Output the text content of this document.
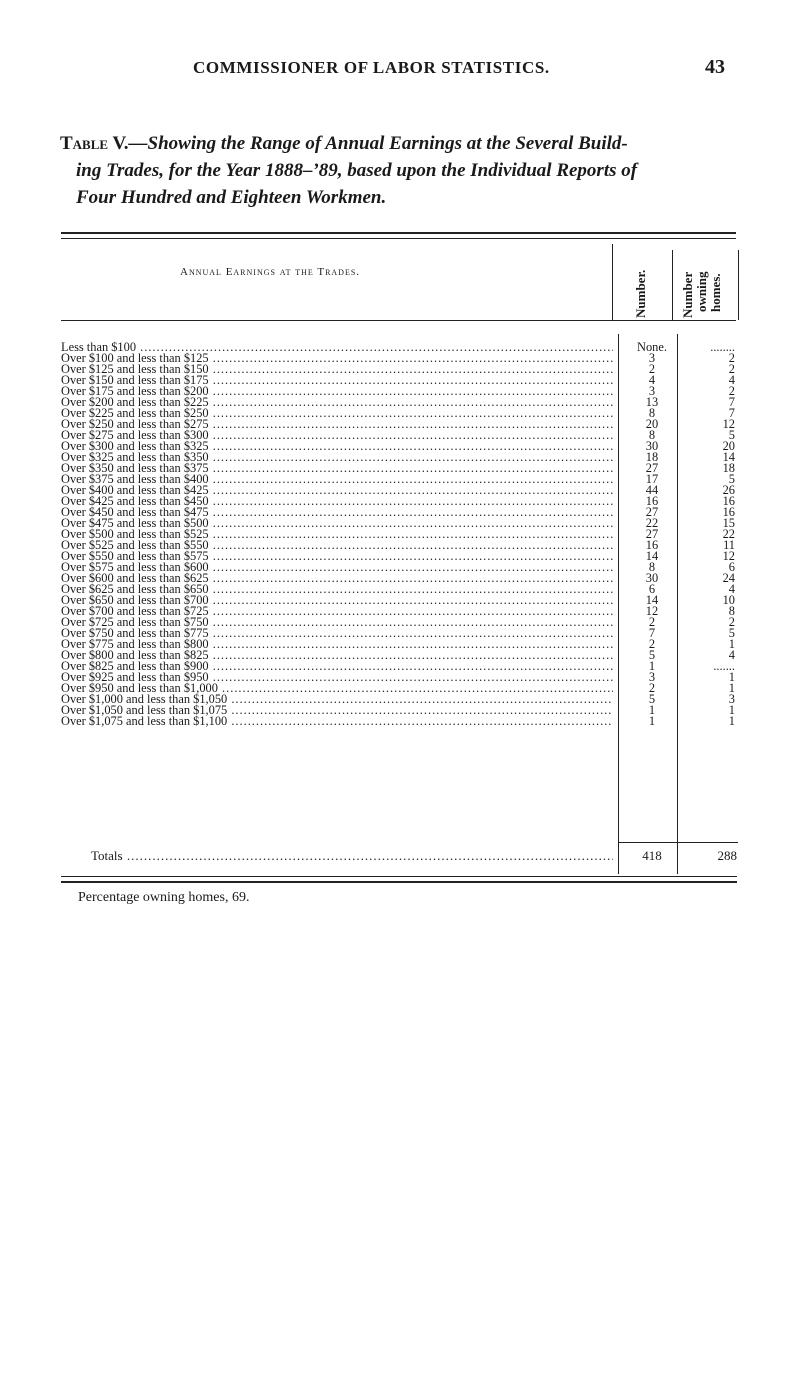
COMMISSIONER OF LABOR STATISTICS.	43
Table V.—Showing the Range of Annual Earnings at the Several Build-
ing Trades, for the Year 1888–’89, based upon the Individual Reports of
Four Hundred and Eighteen Workmen.
Annual Earnings at the Trades.	Number. Number owning homes.
Less than $100 .....	None.	........
Over $100 and less than $125 .....	3	2
Over $125 and less than $150 .....	2	2
Over $150 and less than $175 .....	4	4
Over $175 and less than $200 .....	3	2
Over $200 and less than $225 .....	13	7
Over $225 and less than $250 .....	8	7
Over $250 and less than $275 .....	20	12
Over $275 and less than $300 .....	8	5
Over $300 and less than $325 .....	30	20
Over $325 and less than $350 .....	18	14
Over $350 and less than $375 .....	27	18
Over $375 and less than $400 .....	17	5
Over $400 and less than $425 .....	44	26
Over $425 and less than $450 .....	16	16
Over $450 and less than $475 .....	27	16
Over $475 and less than $500 .....	22	15
Over $500 and less than $525 .....	27	22
Over $525 and less than $550 .....	16	11
Over $550 and less than $575 .....	14	12
Over $575 and less than $600 .....	8	6
Over $600 and less than $625 .....	30	24
Over $625 and less than $650 .....	6	4
Over $650 and less than $700 .....	14	10
Over $700 and less than $725 .....	12	8
Over $725 and less than $750 .....	2	2
Over $750 and less than $775 .....	7	5
Over $775 and less than $800 .....	2	1
Over $800 and less than $825 .....	5	4
Over $825 and less than $900 .....	1	.......
Over $925 and less than $950 .....	3	1
Over $950 and less than $1,000 .....	2	1
Over $1,000 and less than $1,050 .....	5	3
Over $1,050 and less than $1,075 .....	1	1
Over $1,075 and less than $1,100 .....	1	1
Totals .....	418	288
Percentage owning homes, 69.
